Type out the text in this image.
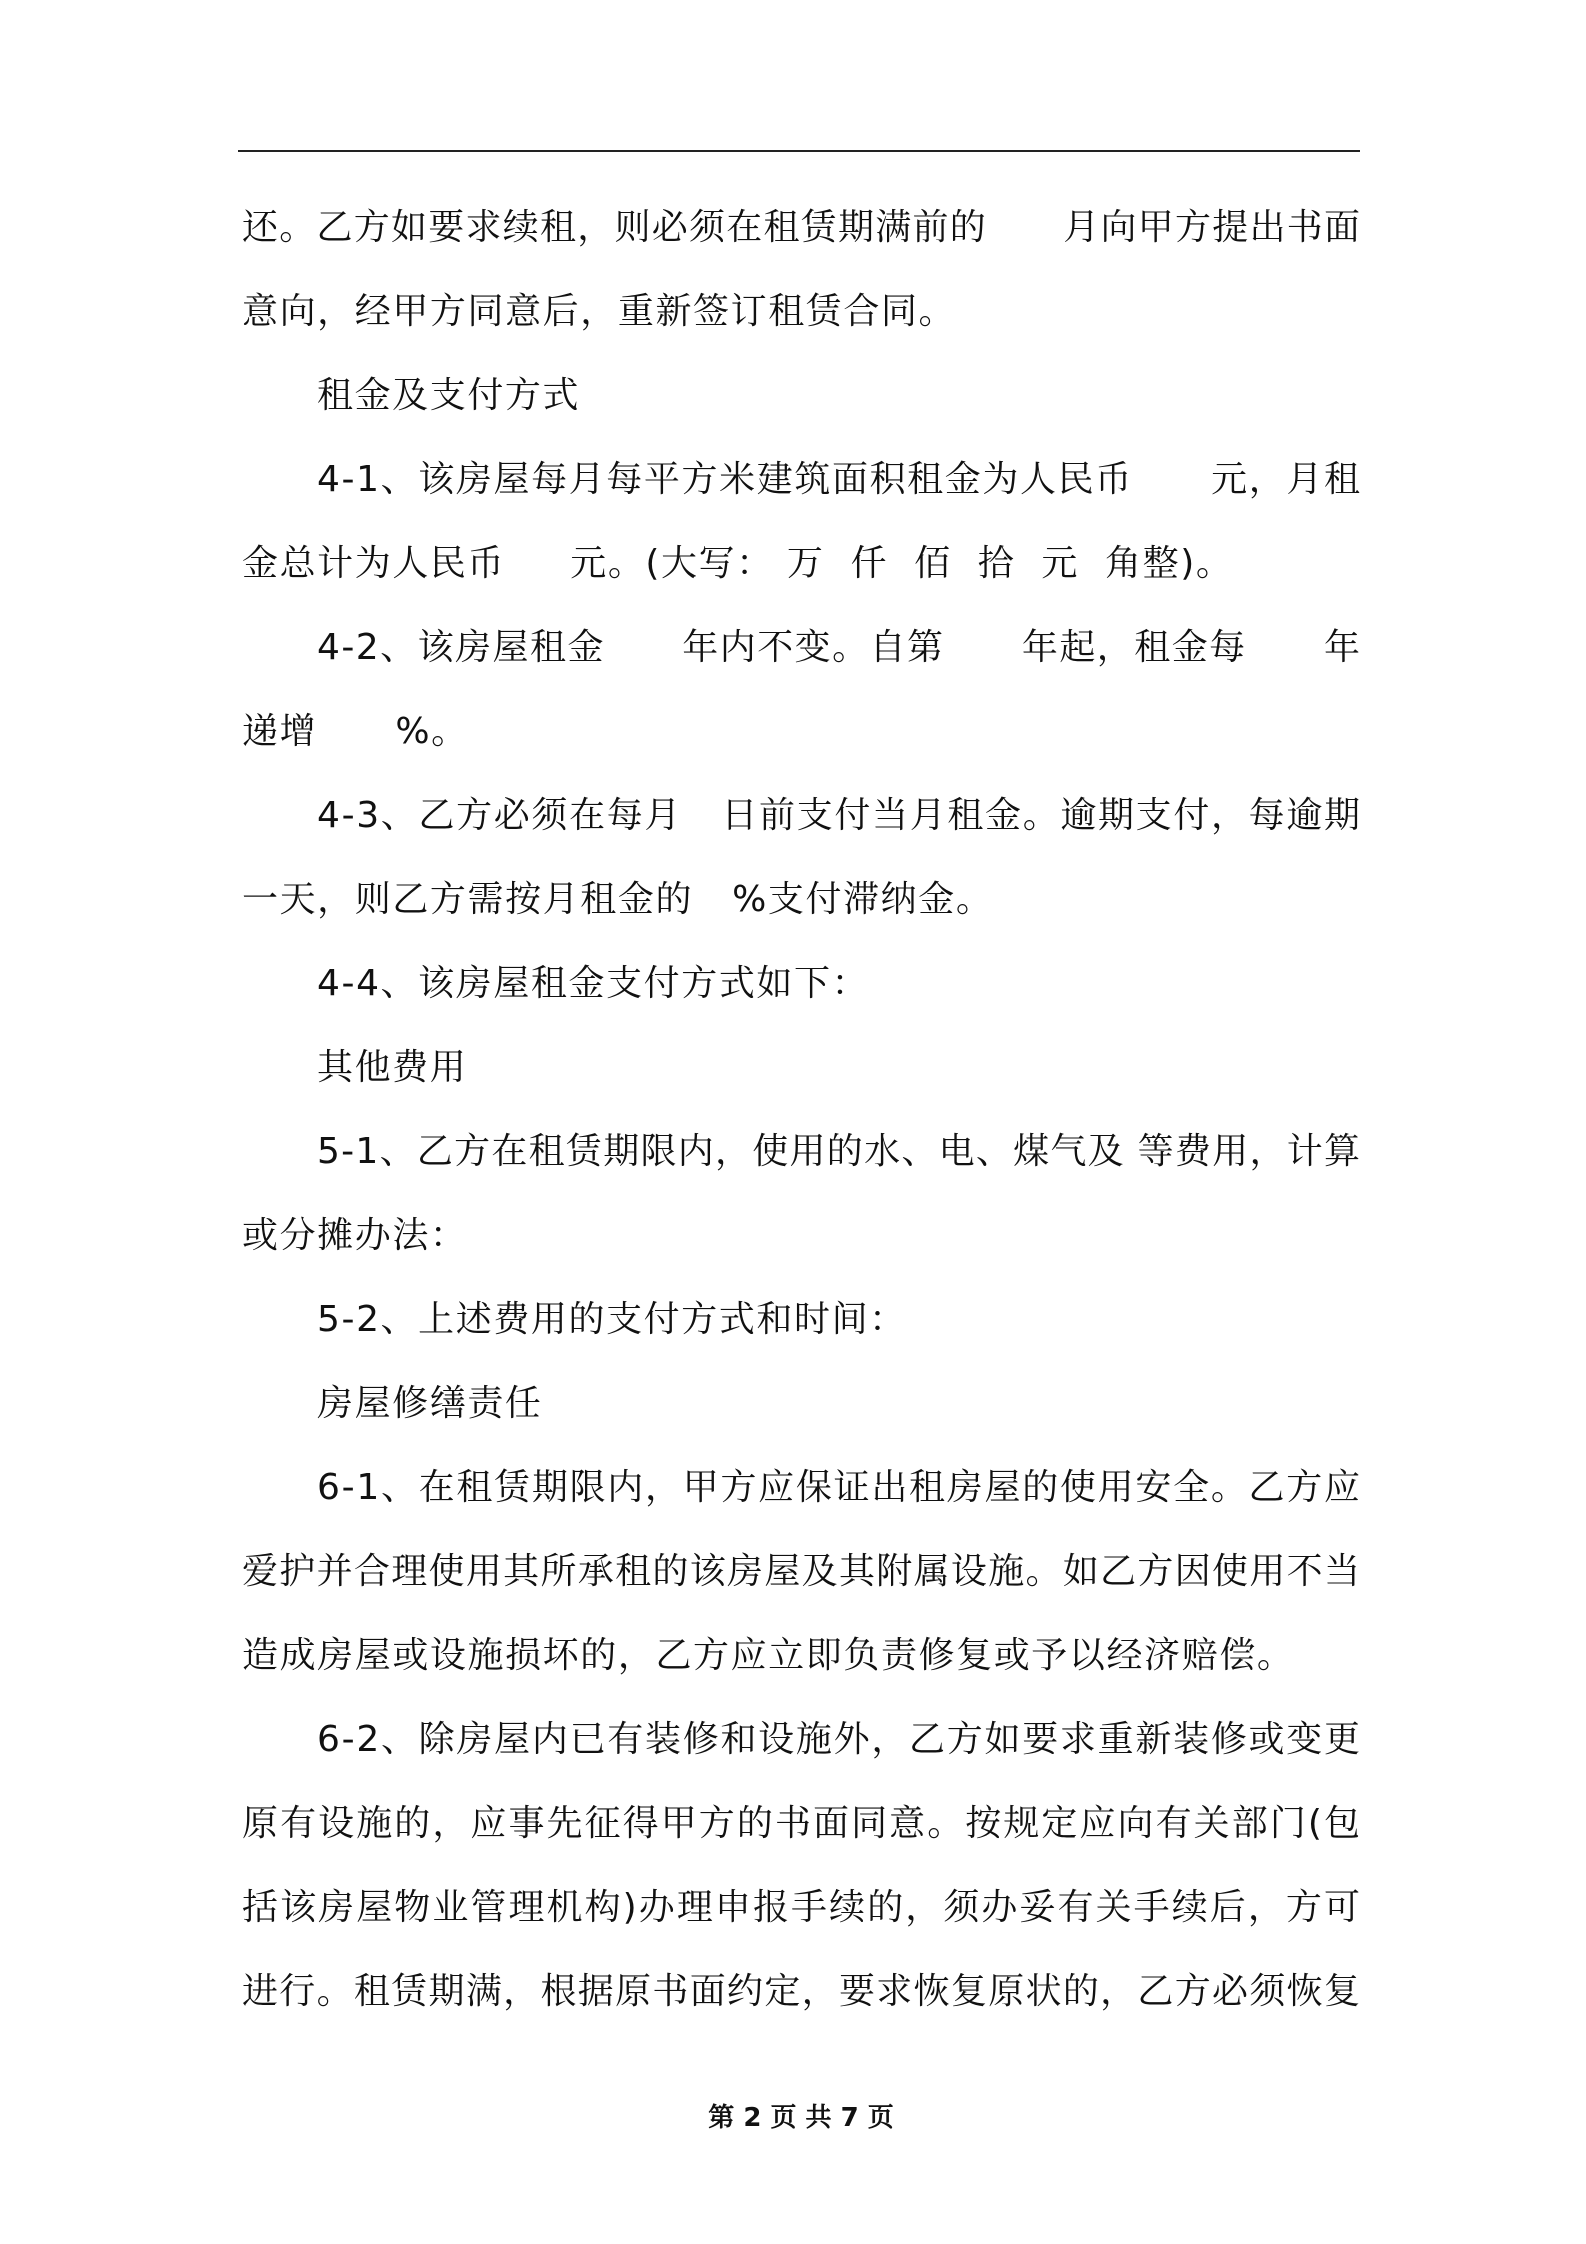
还。乙方如要求续租，则必须在租赁期满前的      月向甲方提出书面
意向，经甲方同意后，重新签订租赁合同。
租金及支付方式
4-1、该房屋每月每平方米建筑面积租金为人民币      元，月租
金总计为人民币     元。(大写： 万  仟  佰  拾  元  角整)。
4-2、该房屋租金      年内不变。自第      年起，租金每      年
递增      %。
4-3、乙方必须在每月   日前支付当月租金。逾期支付，每逾期
一天，则乙方需按月租金的   %支付滞纳金。
4-4、该房屋租金支付方式如下：
其他费用
5-1、乙方在租赁期限内，使用的水、电、煤气及 等费用，计算
或分摊办法：
5-2、上述费用的支付方式和时间：
房屋修缮责任
6-1、在租赁期限内，甲方应保证出租房屋的使用安全。乙方应
爱护并合理使用其所承租的该房屋及其附属设施。如乙方因使用不当
造成房屋或设施损坏的，乙方应立即负责修复或予以经济赔偿。
6-2、除房屋内已有装修和设施外，乙方如要求重新装修或变更
原有设施的，应事先征得甲方的书面同意。按规定应向有关部门(包
括该房屋物业管理机构)办理申报手续的，须办妥有关手续后，方可
进行。租赁期满，根据原书面约定，要求恢复原状的，乙方必须恢复
第 2 页 共 7 页
